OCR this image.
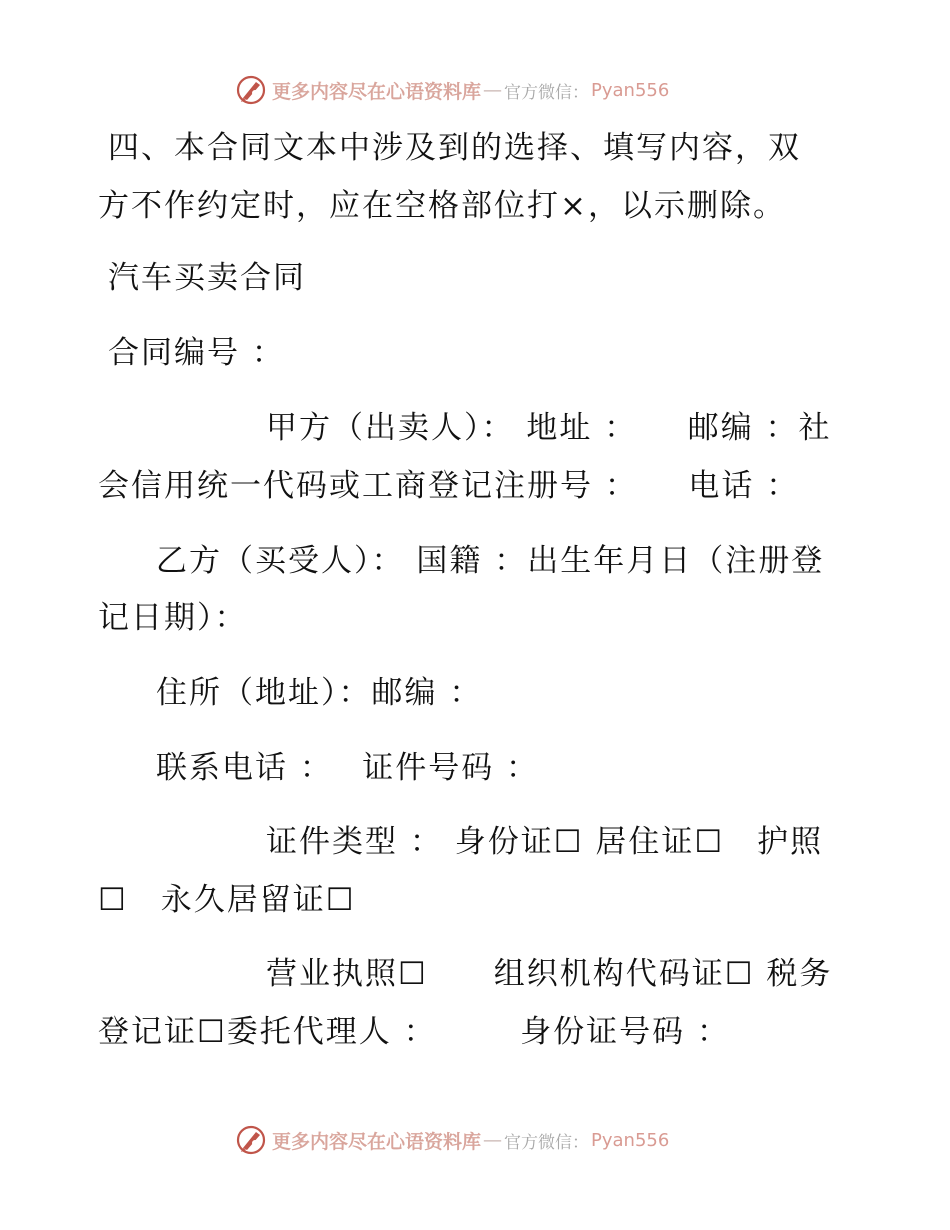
更多内容尽在心语资料库 — 官方微信： Pyan556
四、本合同文本中涉及到的选择、填写内容，双
方不作约定时，应在空格部位打×，以示删除。
汽车买卖合同
合同编号 ：
甲方（出卖人）： 地址 ：　　邮编 ：社
会信用统一代码或工商登记注册号 ：　　电话 ：
乙方（买受人）： 国籍 ：出生年月日（注册登
记日期）：
住所（地址）：邮编 ：
联系电话 ：　 证件号码 ：
证件类型 ： 身份证☐ 居住证☐　护照
☐　永久居留证☐
营业执照☐　　组织机构代码证☐ 税务
登记证☐委托代理人 ：　　　身份证号码 ：
更多内容尽在心语资料库 — 官方微信： Pyan556
